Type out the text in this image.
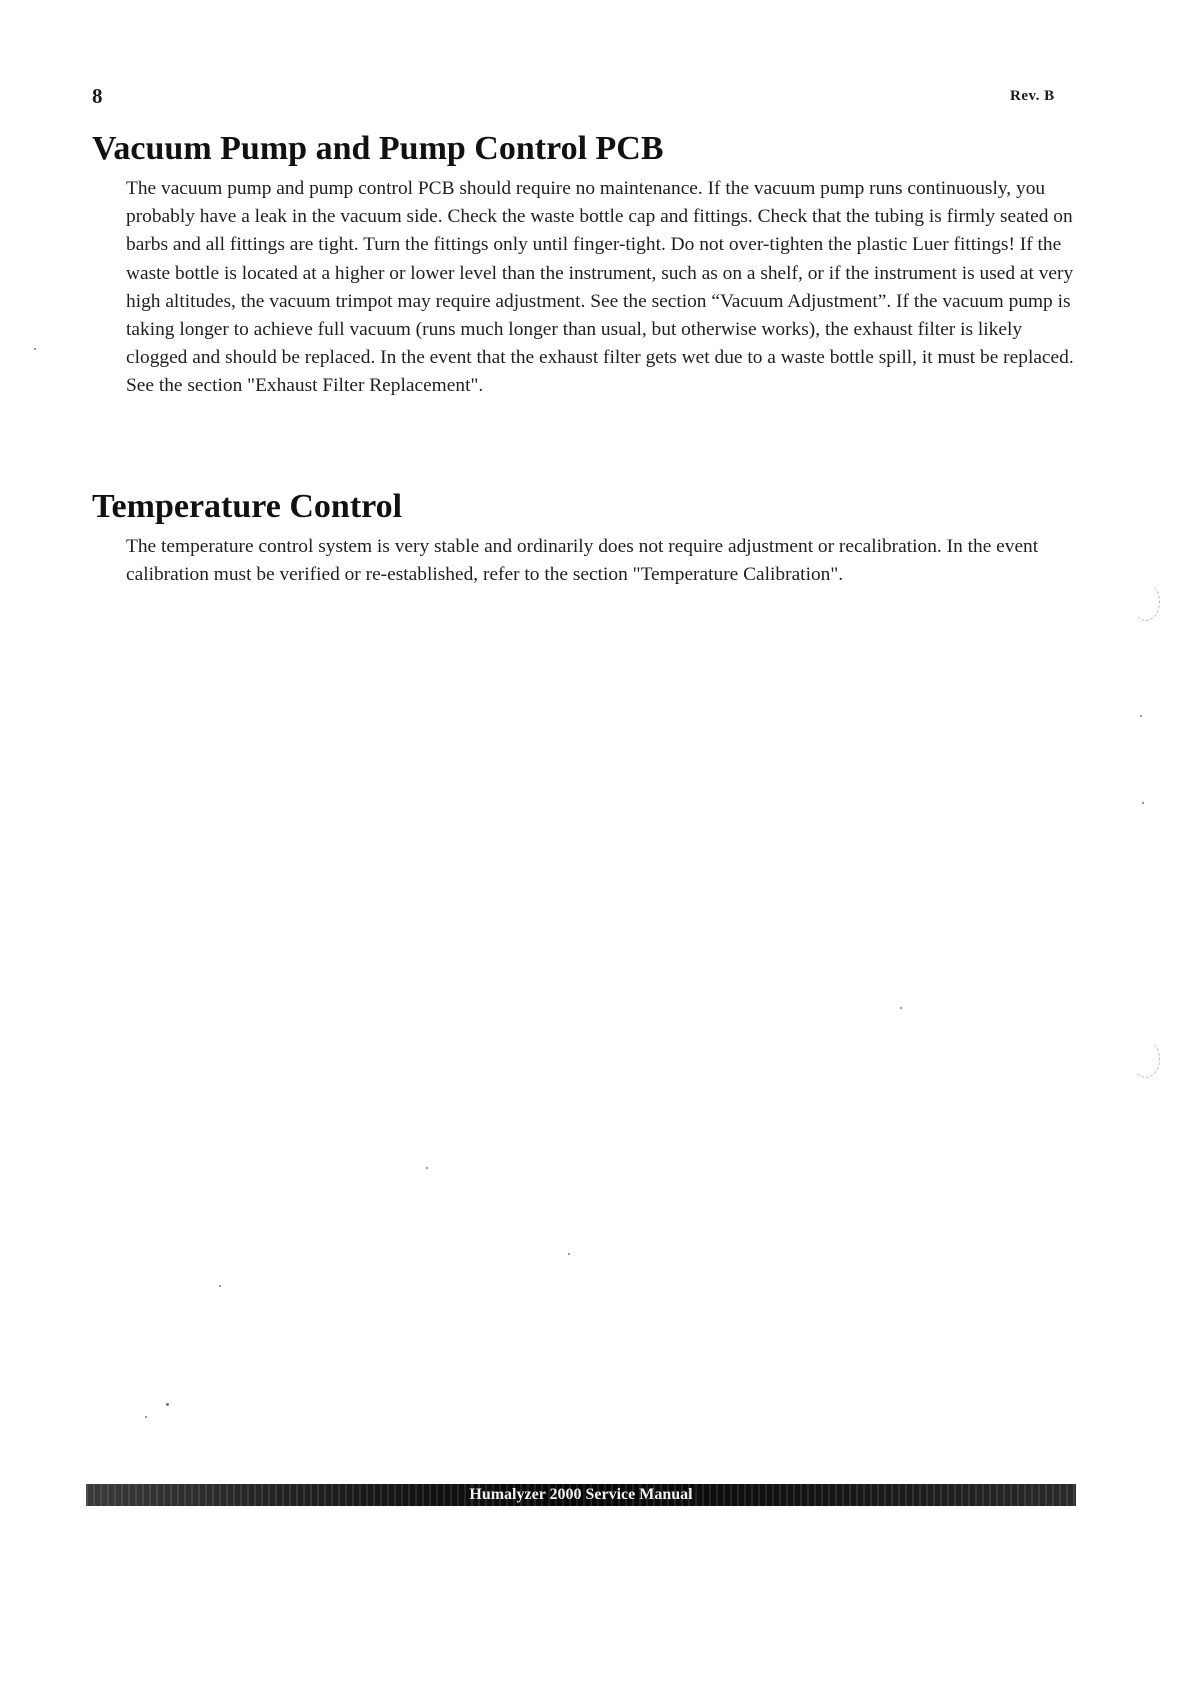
8	Rev. B
Vacuum Pump and Pump Control PCB

The vacuum pump and pump control PCB should require no maintenance. If the vacuum pump runs continuously, you probably have a leak in the vacuum side. Check the waste bottle cap and fittings. Check that the tubing is firmly seated on barbs and all fittings are tight. Turn the fittings only until finger-tight. Do not over-tighten the plastic Luer fittings! If the waste bottle is located at a higher or lower level than the instrument, such as on a shelf, or if the instrument is used at very high altitudes, the vacuum trimpot may require adjustment. See the section “Vacuum Adjustment”. If the vacuum pump is taking longer to achieve full vacuum (runs much longer than usual, but otherwise works), the exhaust filter is likely clogged and should be replaced. In the event that the exhaust filter gets wet due to a waste bottle spill, it must be replaced. See the section "Exhaust Filter Replacement".

Temperature Control

The temperature control system is very stable and ordinarily does not require adjustment or recalibration. In the event calibration must be verified or re-established, refer to the section "Temperature Calibration".

Humalyzer 2000 Service Manual
